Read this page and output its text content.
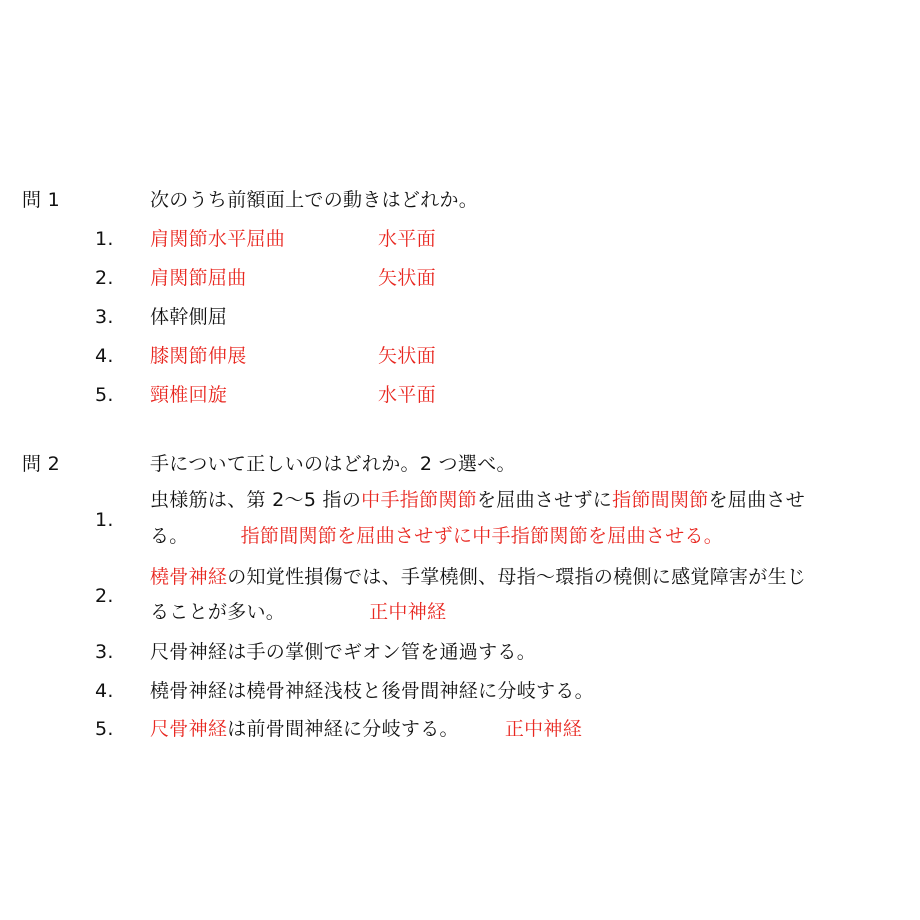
問 1	次のうち前額面上での動きはどれか。
1. 肩関節水平屈曲	水平面
2. 肩関節屈曲	矢状面
3. 体幹側屈
4. 膝関節伸展	矢状面
5. 頸椎回旋	水平面
問 2	手について正しいのはどれか。2 つ選べ。
1.
虫様筋は、第 2〜5 指の中手指節関節を屈曲させずに指節間関節を屈曲させ
る。	指節間関節を屈曲させずに中手指節関節を屈曲させる。
2.
橈骨神経の知覚性損傷では、手掌橈側、母指〜環指の橈側に感覚障害が生じ
ることが多い。	正中神経
3. 尺骨神経は手の掌側でギオン管を通過する。
4. 橈骨神経は橈骨神経浅枝と後骨間神経に分岐する。
5. 尺骨神経は前骨間神経に分岐する。 正中神経
